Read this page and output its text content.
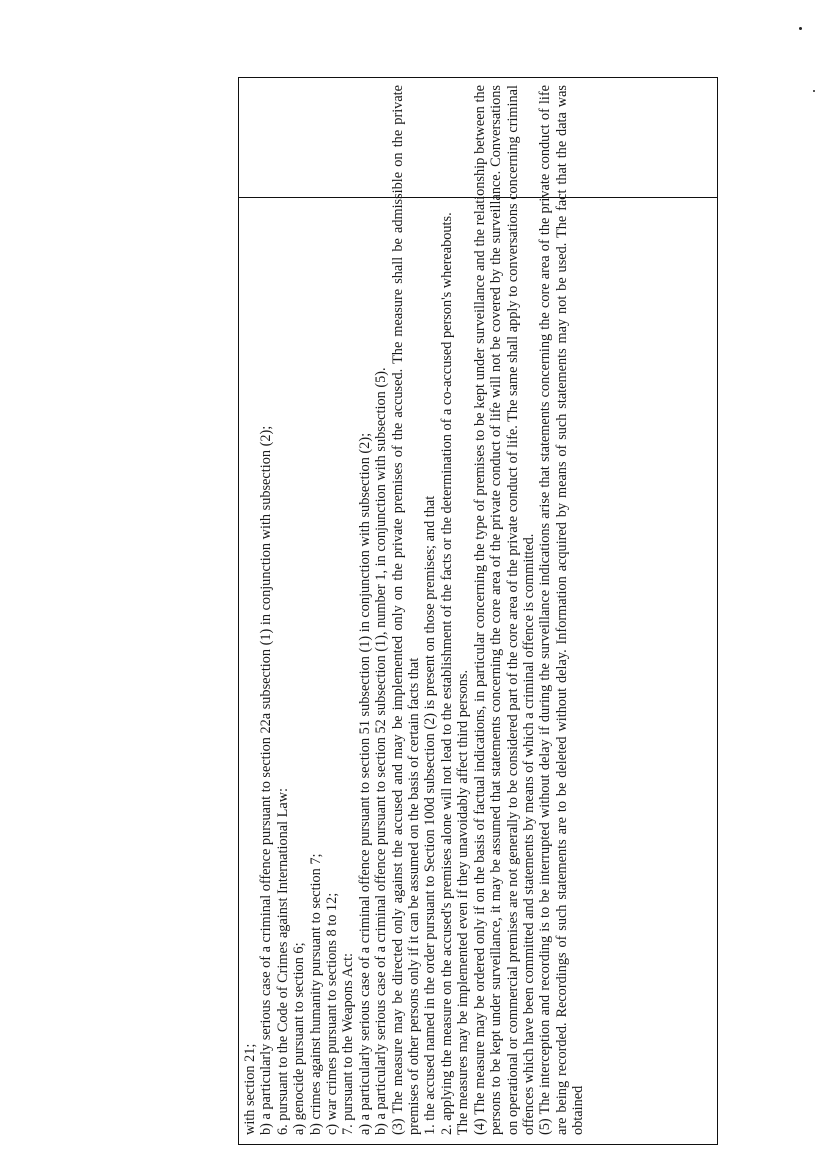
with section 21; b) a particularly serious case of a criminal offence pursuant to section 22a subsection (1) in conjunction with subsection (2); 6. pursuant to the Code of Crimes against International Law: a) genocide pursuant to section 6; b) crimes against humanity pursuant to section 7; c) war crimes pursuant to sections 8 to 12; 7. pursuant to the Weapons Act: a) a particularly serious case of a criminal offence pursuant to section 51 subsection (1) in conjunction with subsection (2); b) a particularly serious case of a criminal offence pursuant to section 52 subsection (1), number 1, in conjunction with subsection (5). (3) The measure may be directed only against the accused and may be implemented only on the private premises of the accused. The measure shall be admissible on the private premises of other persons only if it can be assumed on the basis of certain facts that 1. the accused named in the order pursuant to Section 100d subsection (2) is present on those premises; and that 2. applying the measure on the accused's premises alone will not lead to the establishment of the facts or the determination of a co-accused person's whereabouts. The measures may be implemented even if they unavoidably affect third persons. (4) The measure may be ordered only if on the basis of factual indications, in particular concerning the type of premises to be kept under surveillance and the relationship between the persons to be kept under surveillance, it may be assumed that statements concerning the core area of the private conduct of life will not be covered by the surveillance. Conversations on operational or commercial premises are not generally to be considered part of the core area of the private conduct of life. The same shall apply to conversations concerning criminal offences which have been committed and statements by means of which a criminal offence is committed. (5) The interception and recording is to be interrupted without delay if during the surveillance indications arise that statements concerning the core area of the private conduct of life are being recorded. Recordings of such statements are to be deleted without delay. Information acquired by means of such statements may not be used. The fact that the data was obtained
